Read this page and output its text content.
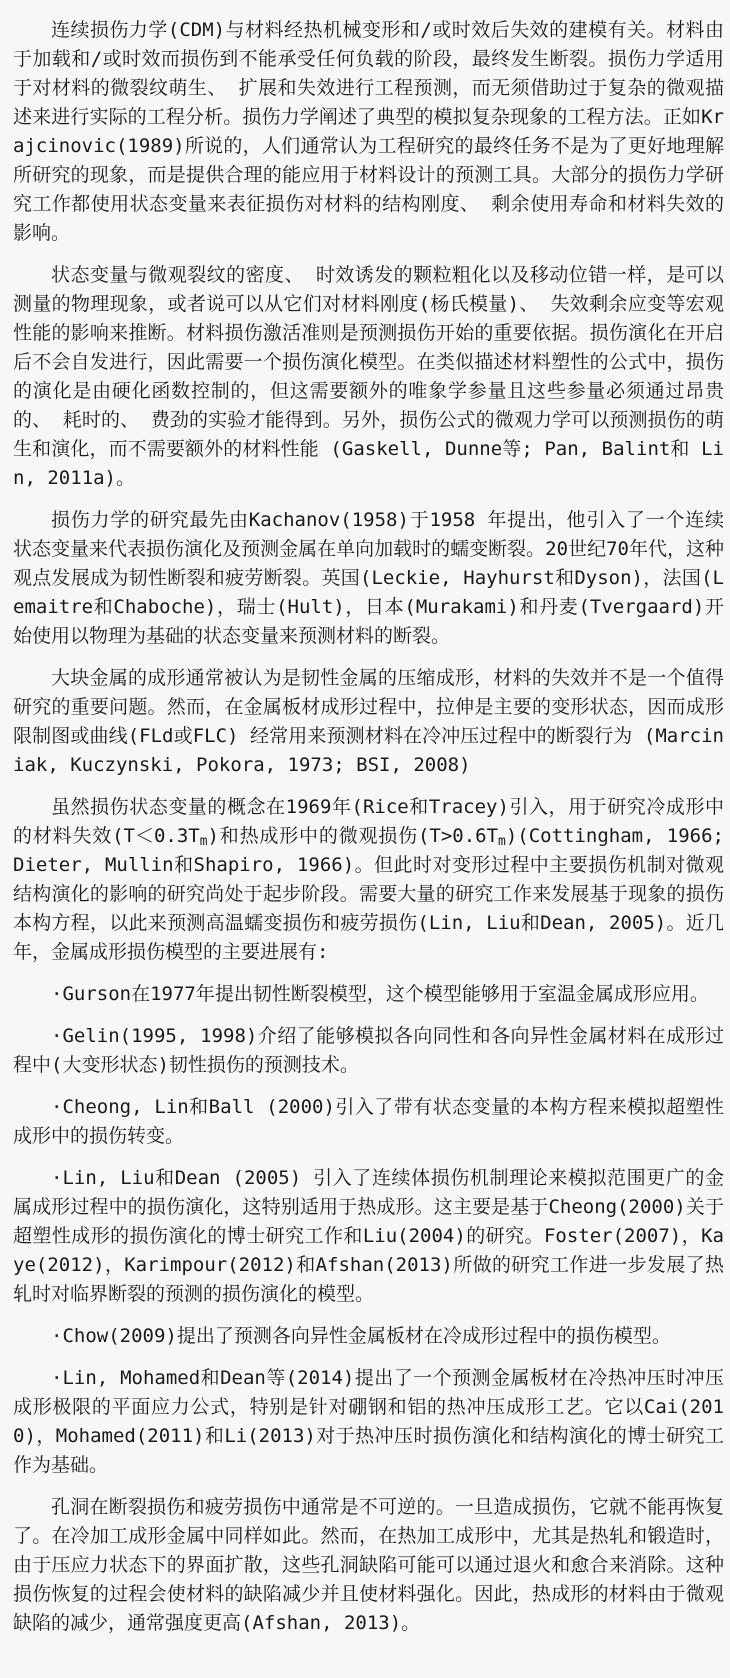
连续损伤力学(CDM)与材料经热机械变形和/或时效后失效的建模有关。材料由于加载和/或时效而损伤到不能承受任何负载的阶段，最终发生断裂。损伤力学适用于对材料的微裂纹萌生、 扩展和失效进行工程预测，而无须借助过于复杂的微观描述来进行实际的工程分析。损伤力学阐述了典型的模拟复杂现象的工程方法。正如Krajcinovic(1989)所说的，人们通常认为工程研究的最终任务不是为了更好地理解所研究的现象，而是提供合理的能应用于材料设计的预测工具。大部分的损伤力学研究工作都使用状态变量来表征损伤对材料的结构刚度、 剩余使用寿命和材料失效的影响。

状态变量与微观裂纹的密度、 时效诱发的颗粒粗化以及移动位错一样，是可以测量的物理现象，或者说可以从它们对材料刚度(杨氏模量)、 失效剩余应变等宏观性能的影响来推断。材料损伤激活准则是预测损伤开始的重要依据。损伤演化在开启后不会自发进行，因此需要一个损伤演化模型。在类似描述材料塑性的公式中，损伤的演化是由硬化函数控制的，但这需要额外的唯象学参量且这些参量必须通过昂贵的、 耗时的、 费劲的实验才能得到。另外，损伤公式的微观力学可以预测损伤的萌生和演化，而不需要额外的材料性能 (Gaskell, Dunne等; Pan, Balint和 Lin, 2011a)。

损伤力学的研究最先由Kachanov(1958)于1958 年提出，他引入了一个连续状态变量来代表损伤演化及预测金属在单向加载时的蠕变断裂。20世纪70年代，这种观点发展成为韧性断裂和疲劳断裂。英国(Leckie, Hayhurst和Dyson)，法国(Lemaitre和Chaboche)，瑞士(Hult)，日本(Murakami)和丹麦(Tvergaard)开始使用以物理为基础的状态变量来预测材料的断裂。

大块金属的成形通常被认为是韧性金属的压缩成形，材料的失效并不是一个值得研究的重要问题。然而，在金属板材成形过程中，拉伸是主要的变形状态，因而成形限制图或曲线(FLd或FLC) 经常用来预测材料在冷冲压过程中的断裂行为 (Marciniak, Kuczynski, Pokora, 1973; BSI, 2008)

虽然损伤状态变量的概念在1969年(Rice和Tracey)引入，用于研究冷成形中的材料失效$(T<0.3T_m)$和热成形中的微观损伤$(T>0.6T_m)(Cottingham$, 1966; Dieter, Mullin和Shapiro, 1966)。但此时对变形过程中主要损伤机制对微观结构演化的影响的研究尚处于起步阶段。需要大量的研究工作来发展基于现象的损伤本构方程，以此来预测高温蠕变损伤和疲劳损伤(Lin, Liu和Dean, 2005)。近几年，金属成形损伤模型的主要进展有:

·Gurson在1977年提出韧性断裂模型，这个模型能够用于室温金属成形应用。

·Gelin(1995, 1998)介绍了能够模拟各向同性和各向异性金属材料在成形过程中(大变形状态)韧性损伤的预测技术。

·Cheong, Lin和Ball (2000)引入了带有状态变量的本构方程来模拟超塑性成形中的损伤转变。

·Lin, Liu和Dean (2005) 引入了连续体损伤机制理论来模拟范围更广的金属成形过程中的损伤演化，这特别适用于热成形。这主要是基于Cheong(2000)关于超塑性成形的损伤演化的博士研究工作和Liu(2004)的研究。Foster(2007)，Kaye(2012)，Karimpour(2012)和Afshan(2013)所做的研究工作进一步发展了热轧时对临界断裂的预测的损伤演化的模型。

·Chow(2009)提出了预测各向异性金属板材在冷成形过程中的损伤模型。

·Lin, Mohamed和Dean等(2014)提出了一个预测金属板材在冷热冲压时冲压成形极限的平面应力公式，特别是针对硼钢和铝的热冲压成形工艺。它以Cai(2010)，Mohamed(2011)和Li(2013)对于热冲压时损伤演化和结构演化的博士研究工作为基础。

孔洞在断裂损伤和疲劳损伤中通常是不可逆的。一旦造成损伤，它就不能再恢复了。在冷加工成形金属中同样如此。然而，在热加工成形中，尤其是热轧和锻造时，由于压应力状态下的界面扩散，这些孔洞缺陷可能可以通过退火和愈合来消除。这种损伤恢复的过程会使材料的缺陷减少并且使材料强化。因此，热成形的材料由于微观缺陷的减少，通常强度更高(Afshan, 2013)。
